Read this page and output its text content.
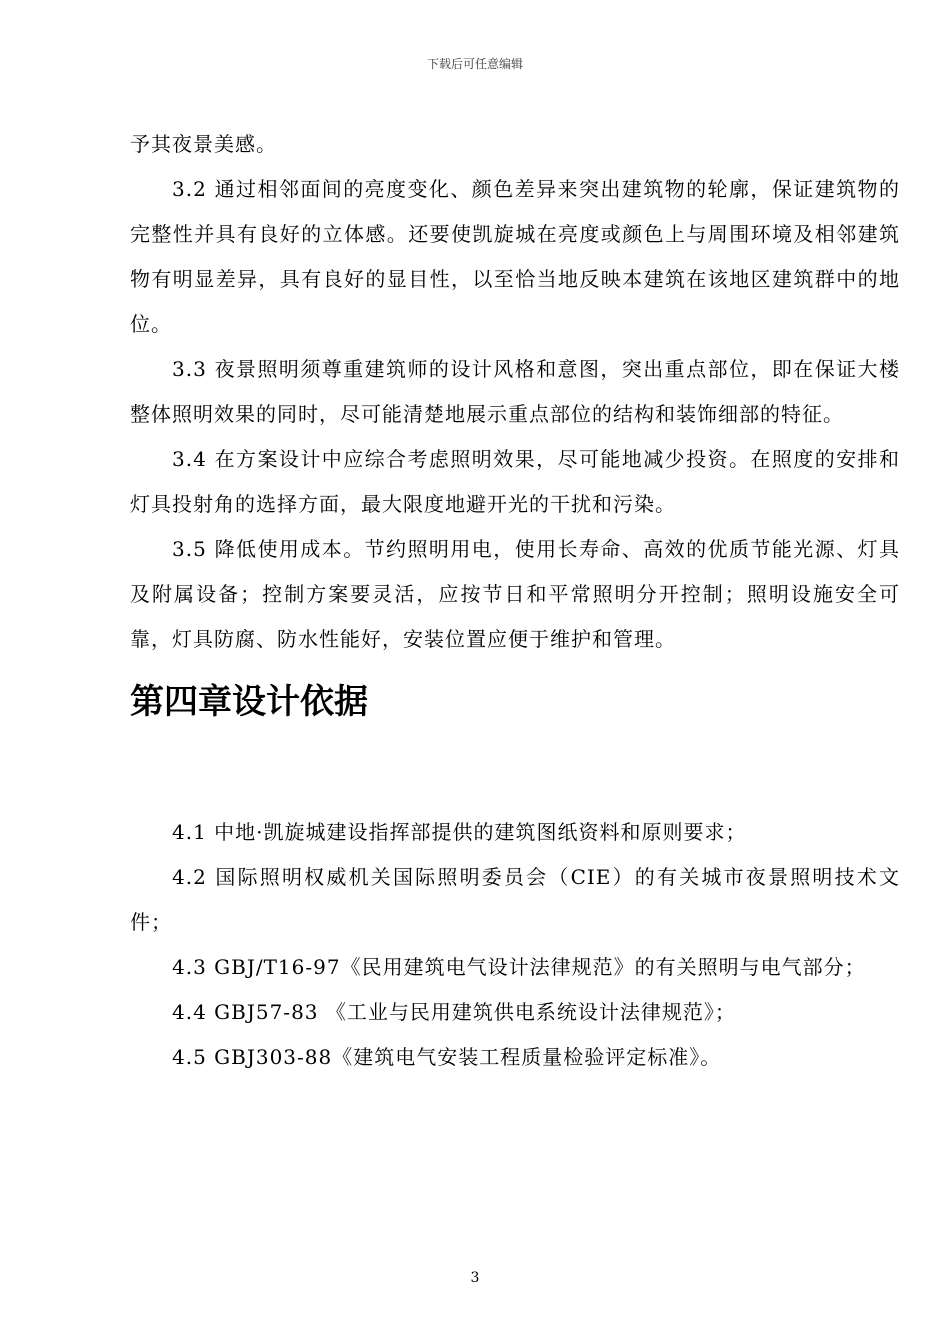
下载后可任意编辑

予其夜景美感。

3.2 通过相邻面间的亮度变化、颜色差异来突出建筑物的轮廓，保证建筑物的完整性并具有良好的立体感。还要使凯旋城在亮度或颜色上与周围环境及相邻建筑物有明显差异，具有良好的显目性，以至恰当地反映本建筑在该地区建筑群中的地位。

3.3 夜景照明须尊重建筑师的设计风格和意图，突出重点部位，即在保证大楼整体照明效果的同时，尽可能清楚地展示重点部位的结构和装饰细部的特征。

3.4 在方案设计中应综合考虑照明效果，尽可能地减少投资。在照度的安排和灯具投射角的选择方面，最大限度地避开光的干扰和污染。

3.5 降低使用成本。节约照明用电，使用长寿命、高效的优质节能光源、灯具及附属设备；控制方案要灵活，应按节日和平常照明分开控制；照明设施安全可靠，灯具防腐、防水性能好，安装位置应便于维护和管理。

第四章设计依据

4.1 中地·凯旋城建设指挥部提供的建筑图纸资料和原则要求；

4.2 国际照明权威机关国际照明委员会（CIE）的有关城市夜景照明技术文件；

4.3 GBJ/T16-97《民用建筑电气设计法律规范》的有关照明与电气部分；

4.4 GBJ57-83 《工业与民用建筑供电系统设计法律规范》；

4.5 GBJ303-88《建筑电气安装工程质量检验评定标准》。

3
